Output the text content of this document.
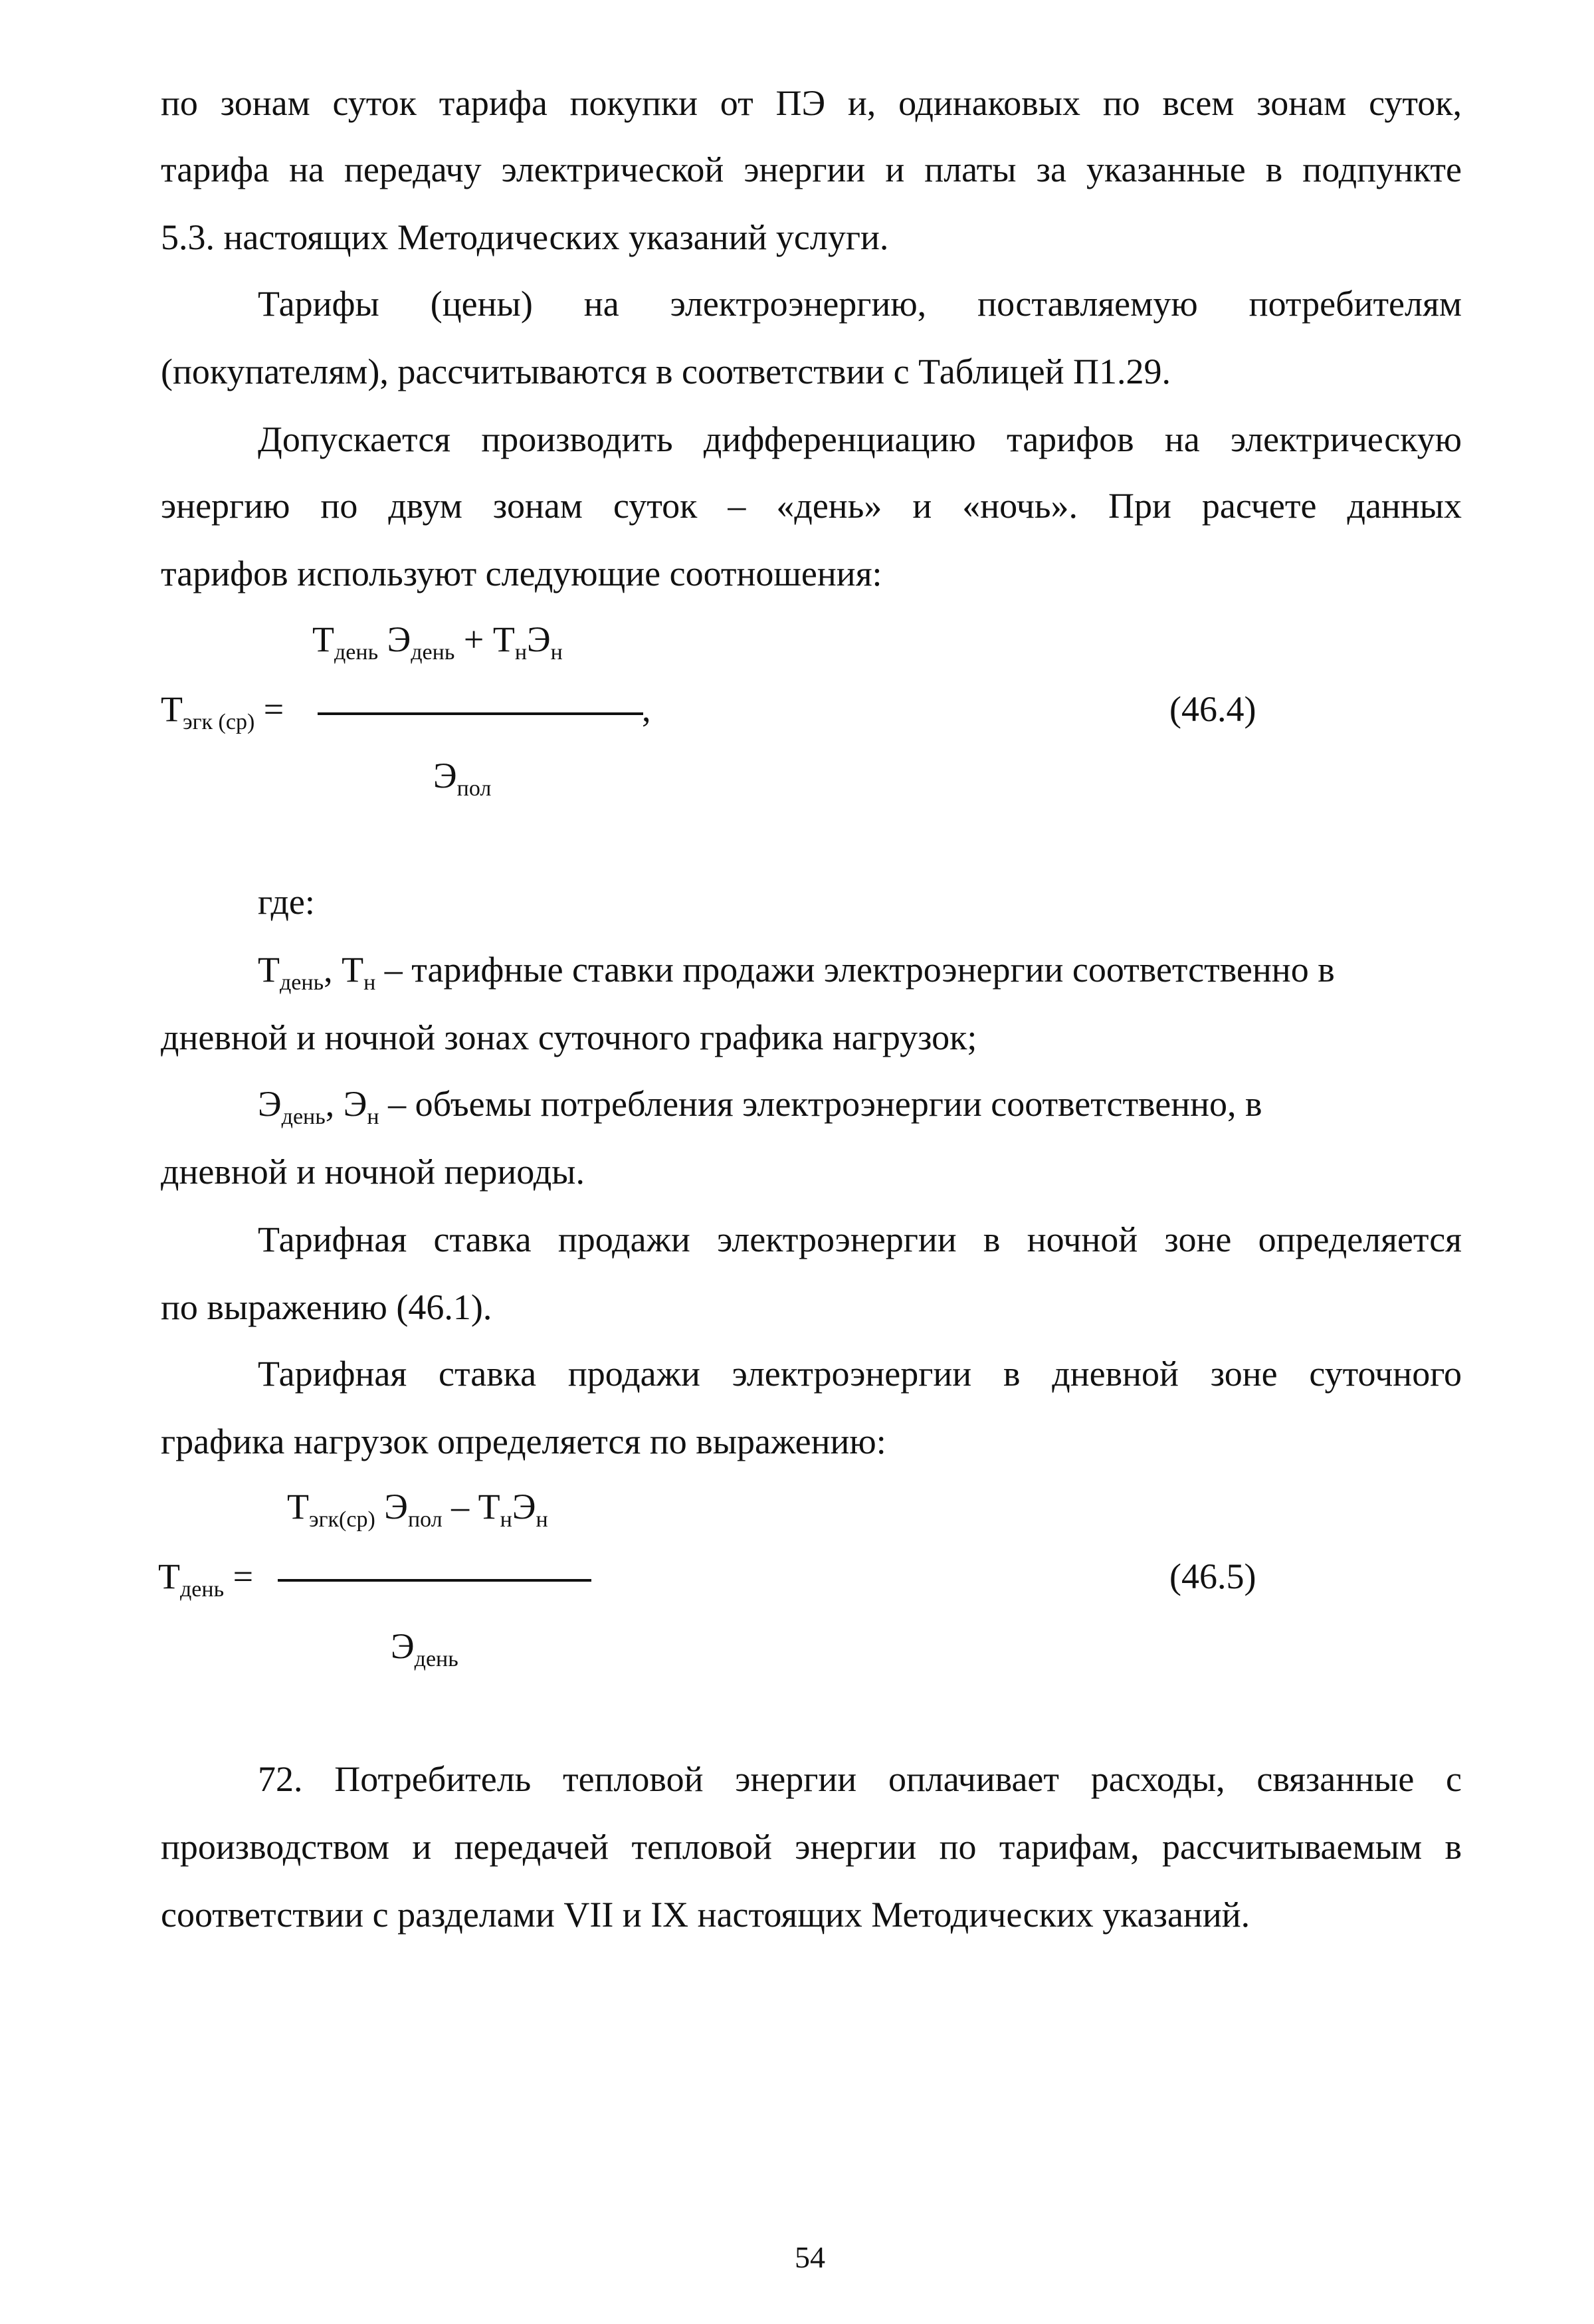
по зонам суток тарифа покупки от ПЭ и, одинаковых по всем зонам суток,
тарифа на передачу электрической энергии и платы за указанные в подпункте
5.3. настоящих Методических указаний услуги.
Тарифы (цены) на электроэнергию, поставляемую потребителям
(покупателям), рассчитываются в соответствии с Таблицей П1.29.
Допускается производить дифференциацию тарифов на электрическую
энергию по двум зонам суток – «день» и «ночь». При расчете данных
тарифов используют следующие соотношения:
$Т_{день}$ $Э_{день} + Т_нЭ_н$
$Т_{эгк (ср)}$ =	,
$Э_{пол}$
(46.4)
где:
$Т_{день}$, $Т_н$ – тарифные ставки продажи электроэнергии соответственно в
дневной и ночной зонах суточного графика нагрузок;
$Э_{день}$, $Э_н$ – объемы потребления электроэнергии соответственно, в
дневной и ночной периоды.
Тарифная ставка продажи электроэнергии в ночной зоне определяется
по выражению (46.1).
Тарифная ставка продажи электроэнергии в дневной зоне суточного
графика нагрузок определяется по выражению:
$Т_{эгк(ср)}$ $Э_{пол} - Т_нЭ_н$
$Т_{день}$ =
$Э_{день}$
(46.5)
72. Потребитель тепловой энергии оплачивает расходы, связанные с
производством и передачей тепловой энергии по тарифам, рассчитываемым в
соответствии с разделами VII и IX настоящих Методических указаний.
54
